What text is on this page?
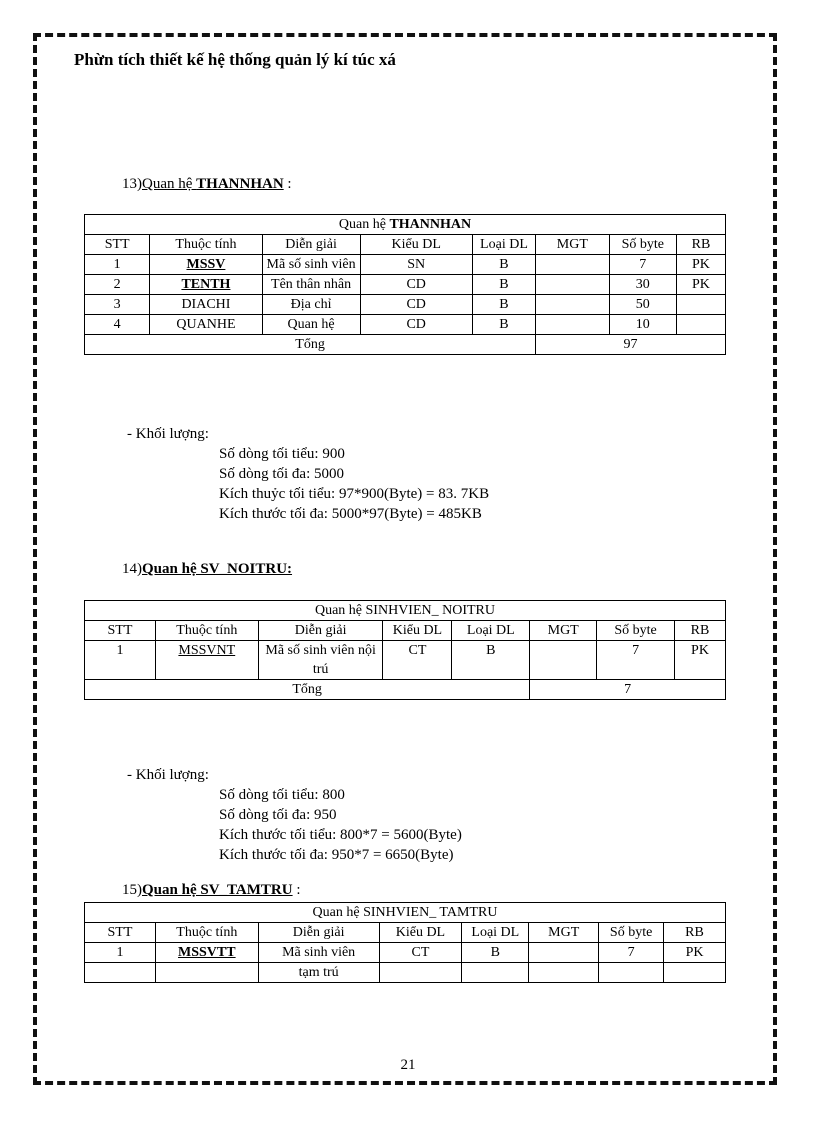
Phừn tích thiết kế hệ thống quản lý kí túc xá
13)Quan hệ THANNHAN :
Quan hệ THANNHAN							
STT	Thuộc tính	Diễn giải	Kiểu DL	Loại DL	MGT	Số byte	RB
1	MSSV	Mã số sinh viên	SN	B		7	PK
2	TENTH	Tên thân nhân	CD	B		30	PK
3	DIACHI	Địa chỉ	CD	B		50	
4	QUANHE	Quan hệ	CD	B		10	
Tổng					97		
- Khối lượng:
Số dòng tối tiểu: 900
Số dòng tối đa: 5000
Kích thuỷc tối tiểu: 97*900(Byte) = 83. 7KB
Kích thước tối đa: 5000*97(Byte) = 485KB
14)Quan hệ SV_NOITRU:
Quan hệ SINHVIEN_ NOITRU							
STT	Thuộc tính	Diễn giải	Kiểu DL	Loại DL	MGT	Số byte	RB
1	MSSVNT	Mã số sinh viên nội trú	CT	B		7	PK
Tổng					7		
- Khối lượng:
Số dòng tối tiểu: 800
Số dòng tối đa: 950
Kích thước tối tiểu: 800*7 = 5600(Byte)
Kích thước tối đa: 950*7 = 6650(Byte)
15)Quan hệ SV_TAMTRU :
Quan hệ SINHVIEN_ TAMTRU							
STT	Thuộc tính	Diễn giải	Kiểu DL	Loại DL	MGT	Số byte	RB
1	MSSVTT	Mã sinh viên	CT	B		7	PK
		tạm trú					
21
